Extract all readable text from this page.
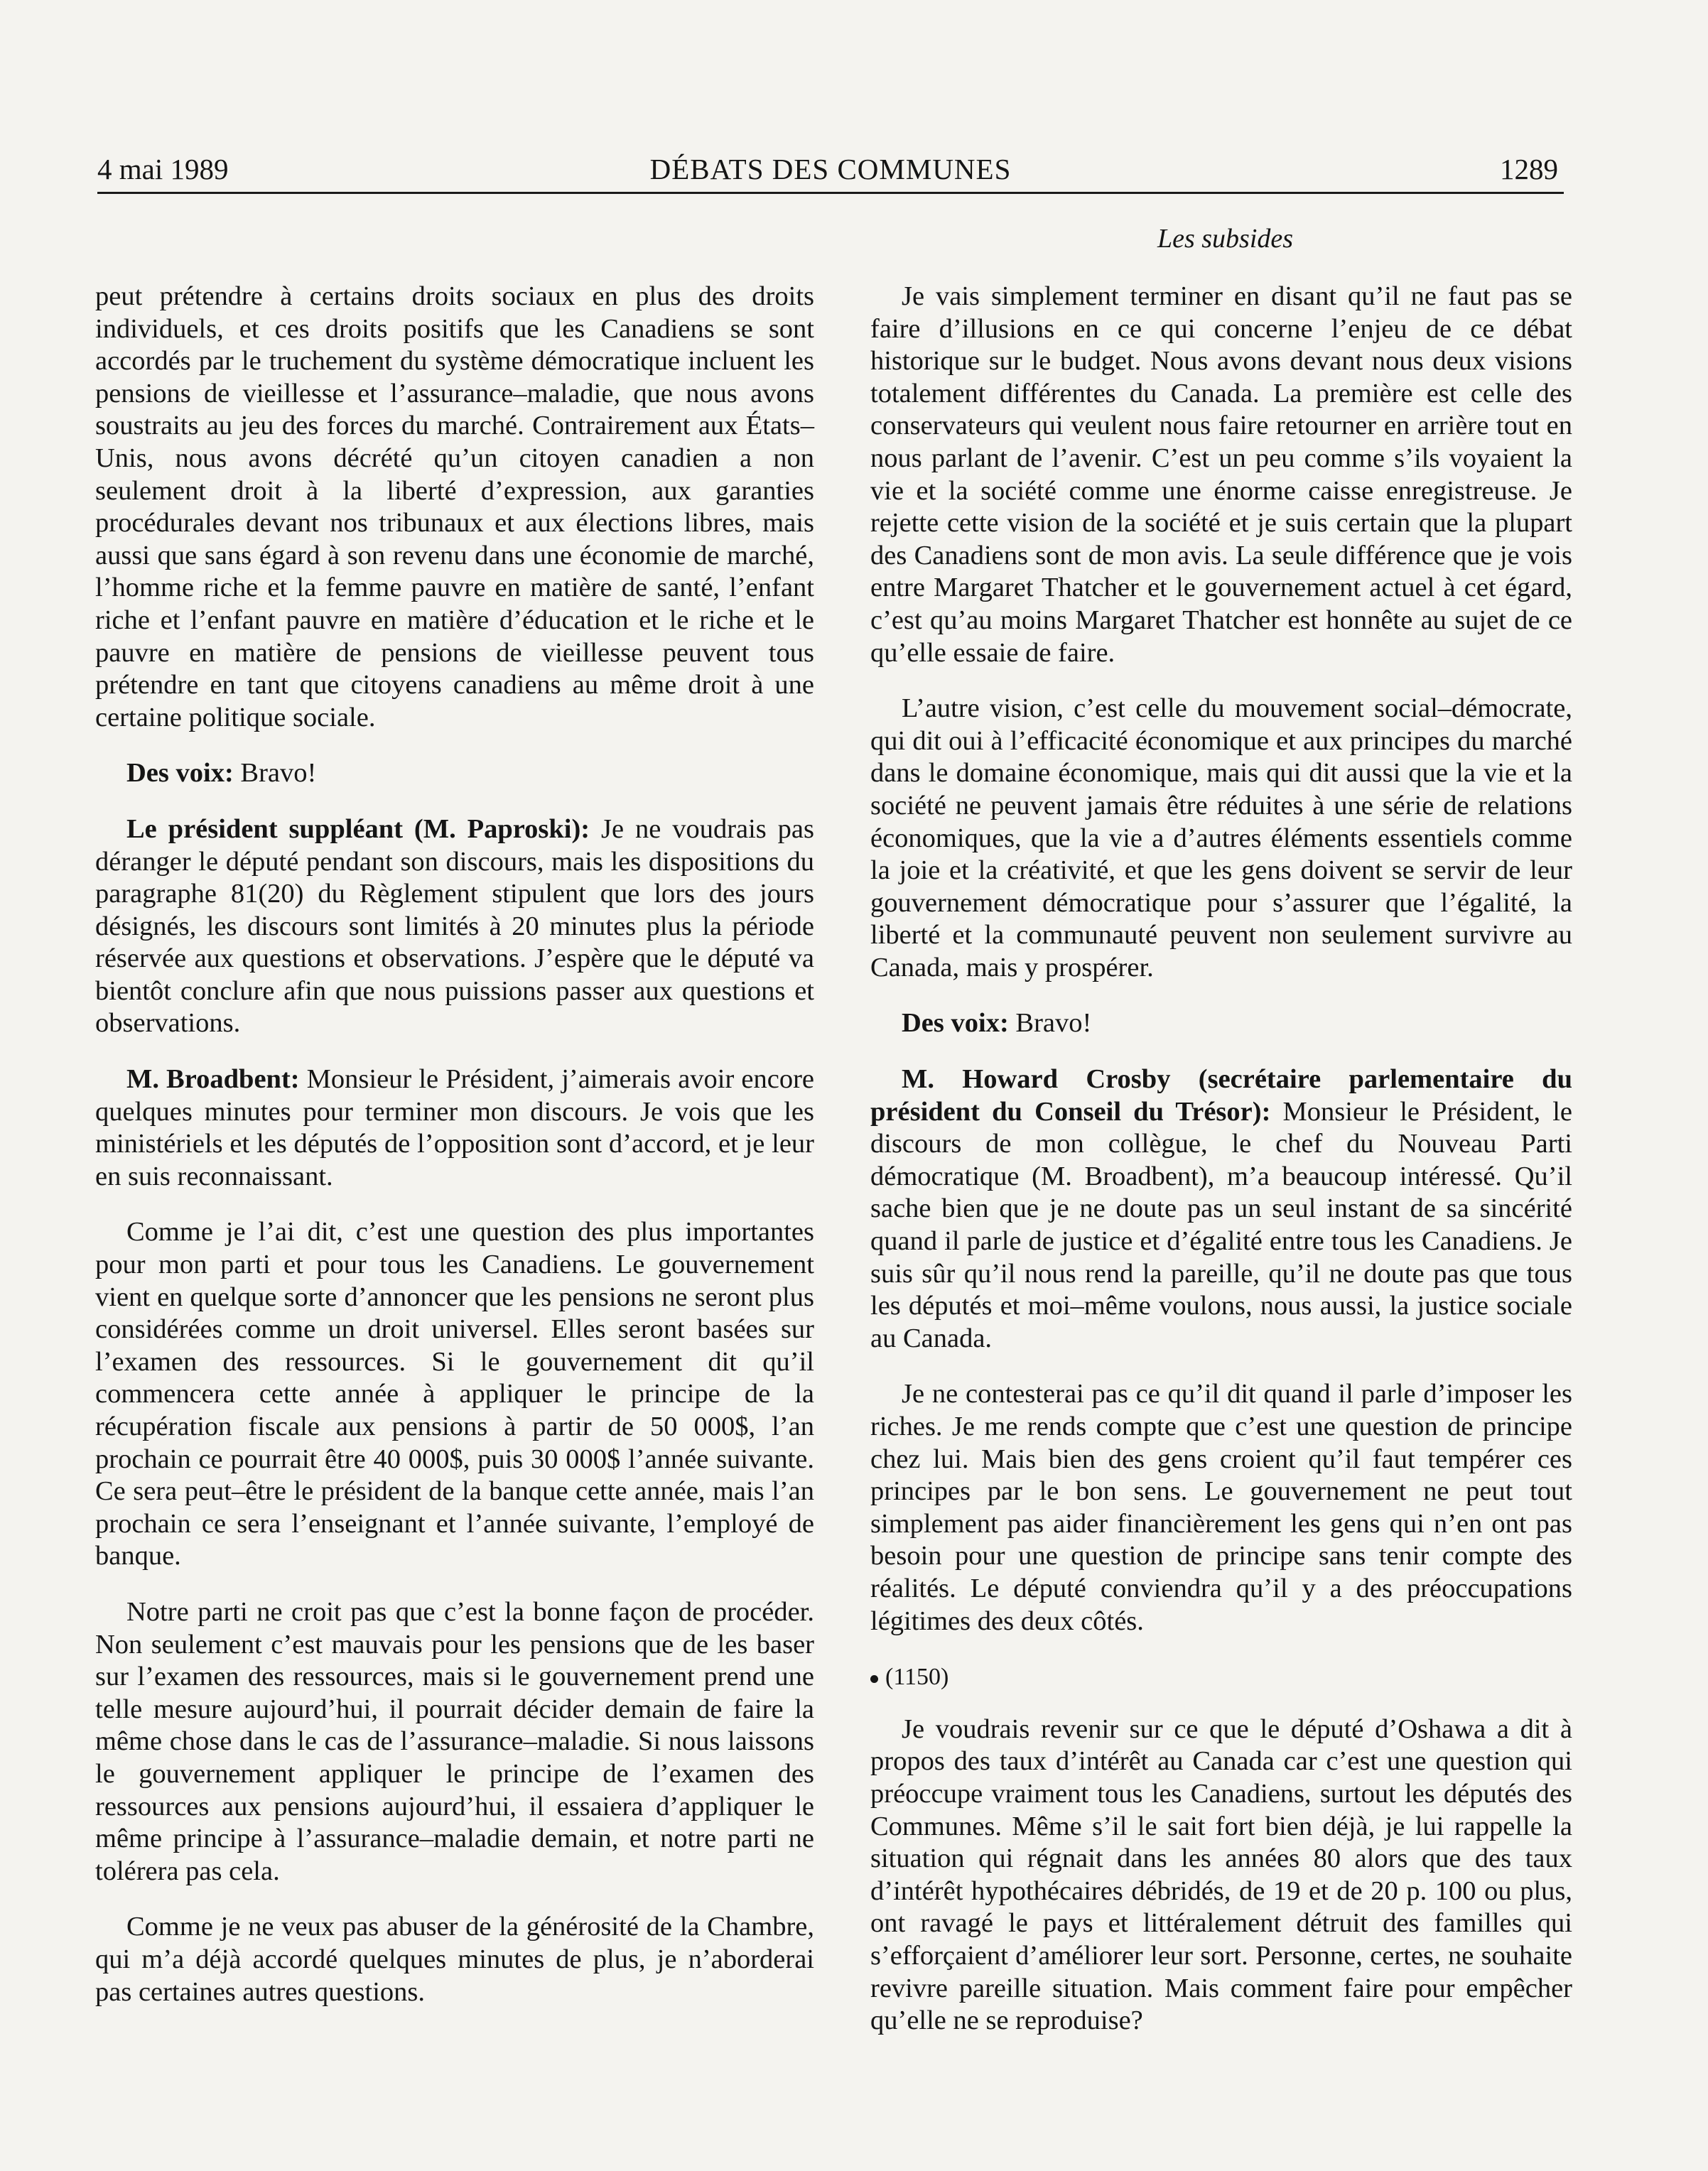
4 mai 1989	DÉBATS DES COMMUNES	1289
Les subsides

peut prétendre à certains droits sociaux en plus des droits individuels, et ces droits positifs que les Canadiens se sont accordés par le truchement du système démocratique incluent les pensions de vieillesse et l’assurance–maladie, que nous avons soustraits au jeu des forces du marché. Contrairement aux États–Unis, nous avons décrété qu’un citoyen canadien a non seulement droit à la liberté d’expression, aux garanties procédurales devant nos tribunaux et aux élections libres, mais aussi que sans égard à son revenu dans une économie de marché, l’homme riche et la femme pauvre en matière de santé, l’enfant riche et l’enfant pauvre en matière d’éducation et le riche et le pauvre en matière de pensions de vieillesse peuvent tous prétendre en tant que citoyens canadiens au même droit à une certaine politique sociale.

Des voix: Bravo!

Le président suppléant (M. Paproski): Je ne voudrais pas déranger le député pendant son discours, mais les dispositions du paragraphe 81(20) du Règlement stipulent que lors des jours désignés, les discours sont limités à 20 minutes plus la période réservée aux questions et observations. J’espère que le député va bientôt conclure afin que nous puissions passer aux questions et observations.

M. Broadbent: Monsieur le Président, j’aimerais avoir encore quelques minutes pour terminer mon discours. Je vois que les ministériels et les députés de l’opposition sont d’accord, et je leur en suis reconnaissant.

Comme je l’ai dit, c’est une question des plus importantes pour mon parti et pour tous les Canadiens. Le gouvernement vient en quelque sorte d’annoncer que les pensions ne seront plus considérées comme un droit universel. Elles seront basées sur l’examen des ressources. Si le gouvernement dit qu’il commencera cette année à appliquer le principe de la récupération fiscale aux pensions à partir de 50 000$, l’an prochain ce pourrait être 40 000$, puis 30 000$ l’année suivante. Ce sera peut–être le président de la banque cette année, mais l’an prochain ce sera l’enseignant et l’année suivante, l’employé de banque.

Notre parti ne croit pas que c’est la bonne façon de procéder. Non seulement c’est mauvais pour les pensions que de les baser sur l’examen des ressources, mais si le gouvernement prend une telle mesure aujourd’hui, il pourrait décider demain de faire la même chose dans le cas de l’assurance–maladie. Si nous laissons le gouvernement appliquer le principe de l’examen des ressources aux pensions aujourd’hui, il essaiera d’appliquer le même principe à l’assurance–maladie demain, et notre parti ne tolérera pas cela.

Comme je ne veux pas abuser de la générosité de la Chambre, qui m’a déjà accordé quelques minutes de plus, je n’aborderai pas certaines autres questions.

Je vais simplement terminer en disant qu’il ne faut pas se faire d’illusions en ce qui concerne l’enjeu de ce débat historique sur le budget. Nous avons devant nous deux visions totalement différentes du Canada. La première est celle des conservateurs qui veulent nous faire retourner en arrière tout en nous parlant de l’avenir. C’est un peu comme s’ils voyaient la vie et la société comme une énorme caisse enregistreuse. Je rejette cette vision de la société et je suis certain que la plupart des Canadiens sont de mon avis. La seule différence que je vois entre Margaret Thatcher et le gouvernement actuel à cet égard, c’est qu’au moins Margaret Thatcher est honnête au sujet de ce qu’elle essaie de faire.

L’autre vision, c’est celle du mouvement social–démocrate, qui dit oui à l’efficacité économique et aux principes du marché dans le domaine économique, mais qui dit aussi que la vie et la société ne peuvent jamais être réduites à une série de relations économiques, que la vie a d’autres éléments essentiels comme la joie et la créativité, et que les gens doivent se servir de leur gouvernement démocratique pour s’assurer que l’égalité, la liberté et la communauté peuvent non seulement survivre au Canada, mais y prospérer.

Des voix: Bravo!

M. Howard Crosby (secrétaire parlementaire du président du Conseil du Trésor): Monsieur le Président, le discours de mon collègue, le chef du Nouveau Parti démocratique (M. Broadbent), m’a beaucoup intéressé. Qu’il sache bien que je ne doute pas un seul instant de sa sincérité quand il parle de justice et d’égalité entre tous les Canadiens. Je suis sûr qu’il nous rend la pareille, qu’il ne doute pas que tous les députés et moi–même voulons, nous aussi, la justice sociale au Canada.

Je ne contesterai pas ce qu’il dit quand il parle d’imposer les riches. Je me rends compte que c’est une question de principe chez lui. Mais bien des gens croient qu’il faut tempérer ces principes par le bon sens. Le gouvernement ne peut tout simplement pas aider financièrement les gens qui n’en ont pas besoin pour une question de principe sans tenir compte des réalités. Le député conviendra qu’il y a des préoccupations légitimes des deux côtés.

(1150)

Je voudrais revenir sur ce que le député d’Oshawa a dit à propos des taux d’intérêt au Canada car c’est une question qui préoccupe vraiment tous les Canadiens, surtout les députés des Communes. Même s’il le sait fort bien déjà, je lui rappelle la situation qui régnait dans les années 80 alors que des taux d’intérêt hypothécaires débridés, de 19 et de 20 p. 100 ou plus, ont ravagé le pays et littéralement détruit des familles qui s’efforçaient d’améliorer leur sort. Personne, certes, ne souhaite revivre pareille situation. Mais comment faire pour empêcher qu’elle ne se reproduise?
